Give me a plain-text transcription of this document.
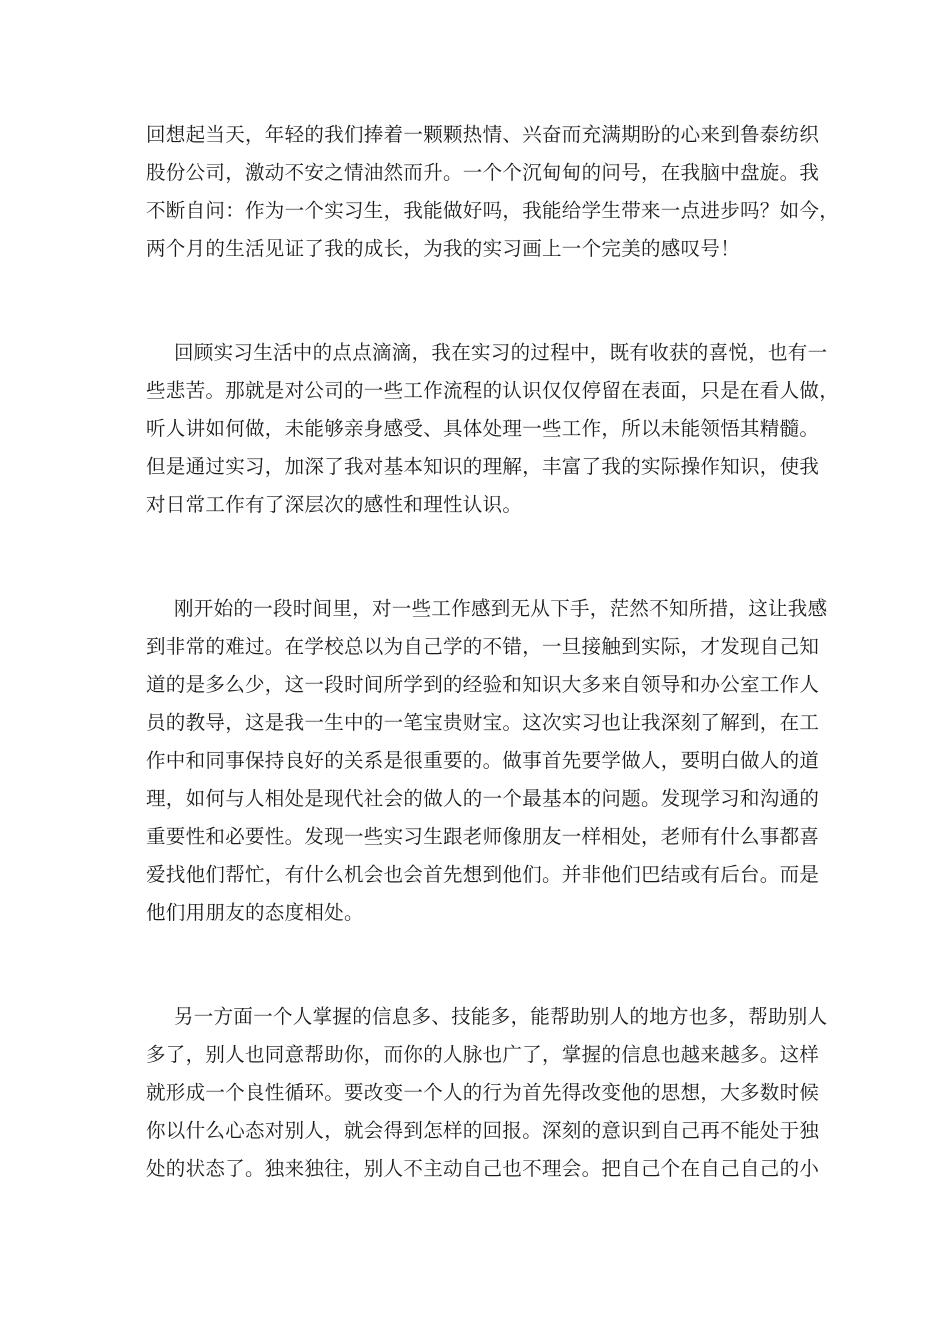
回想起当天，年轻的我们捧着一颗颗热情、兴奋而充满期盼的心来到鲁泰纺织
股份公司，激动不安之情油然而升。一个个沉甸甸的问号，在我脑中盘旋。我
不断自问：作为一个实习生，我能做好吗，我能给学生带来一点进步吗？如今，
两个月的生活见证了我的成长，为我的实习画上一个完美的感叹号！
回顾实习生活中的点点滴滴，我在实习的过程中，既有收获的喜悦，也有一
些悲苦。那就是对公司的一些工作流程的认识仅仅停留在表面，只是在看人做，
听人讲如何做，未能够亲身感受、具体处理一些工作，所以未能领悟其精髓。
但是通过实习，加深了我对基本知识的理解，丰富了我的实际操作知识，使我
对日常工作有了深层次的感性和理性认识。
刚开始的一段时间里，对一些工作感到无从下手，茫然不知所措，这让我感
到非常的难过。在学校总以为自己学的不错，一旦接触到实际，才发现自己知
道的是多么少，这一段时间所学到的经验和知识大多来自领导和办公室工作人
员的教导，这是我一生中的一笔宝贵财宝。这次实习也让我深刻了解到，在工
作中和同事保持良好的关系是很重要的。做事首先要学做人，要明白做人的道
理，如何与人相处是现代社会的做人的一个最基本的问题。发现学习和沟通的
重要性和必要性。发现一些实习生跟老师像朋友一样相处，老师有什么事都喜
爱找他们帮忙，有什么机会也会首先想到他们。并非他们巴结或有后台。而是
他们用朋友的态度相处。
另一方面一个人掌握的信息多、技能多，能帮助别人的地方也多，帮助别人
多了，别人也同意帮助你，而你的人脉也广了，掌握的信息也越来越多。这样
就形成一个良性循环。要改变一个人的行为首先得改变他的思想，大多数时候
你以什么心态对别人，就会得到怎样的回报。深刻的意识到自己再不能处于独
处的状态了。独来独往，别人不主动自己也不理会。把自己个在自己自己的小
